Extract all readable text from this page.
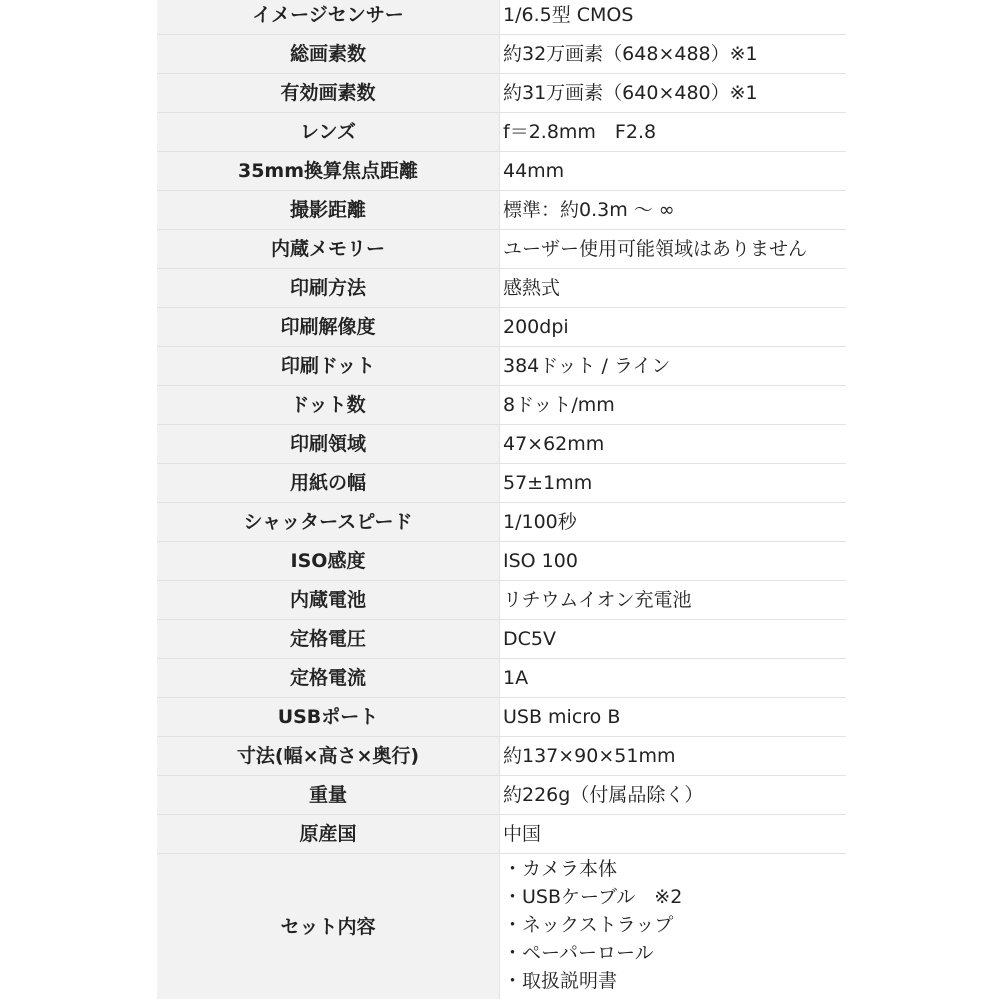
イメージセンサー	1/6.5型 CMOS
総画素数	約32万画素（648×488）※1
有効画素数	約31万画素（640×480）※1
レンズ	f＝2.8mm　F2.8
35mm換算焦点距離	44mm
撮影距離	標準：約0.3m 〜 ∞
内蔵メモリー	ユーザー使用可能領域はありません
印刷方法	感熱式
印刷解像度	200dpi
印刷ドット	384ドット / ライン
ドット数	8ドット/mm
印刷領域	47×62mm
用紙の幅	57±1mm
シャッタースピード	1/100秒
ISO感度	ISO 100
内蔵電池	リチウムイオン充電池
定格電圧	DC5V
定格電流	1A
USBポート	USB micro B
寸法(幅×高さ×奥行)	約137×90×51mm
重量	約226g（付属品除く）
原産国	中国
セット内容	・カメラ本体
・USBケーブル　※2
・ネックストラップ
・ペーパーロール
・取扱説明書
